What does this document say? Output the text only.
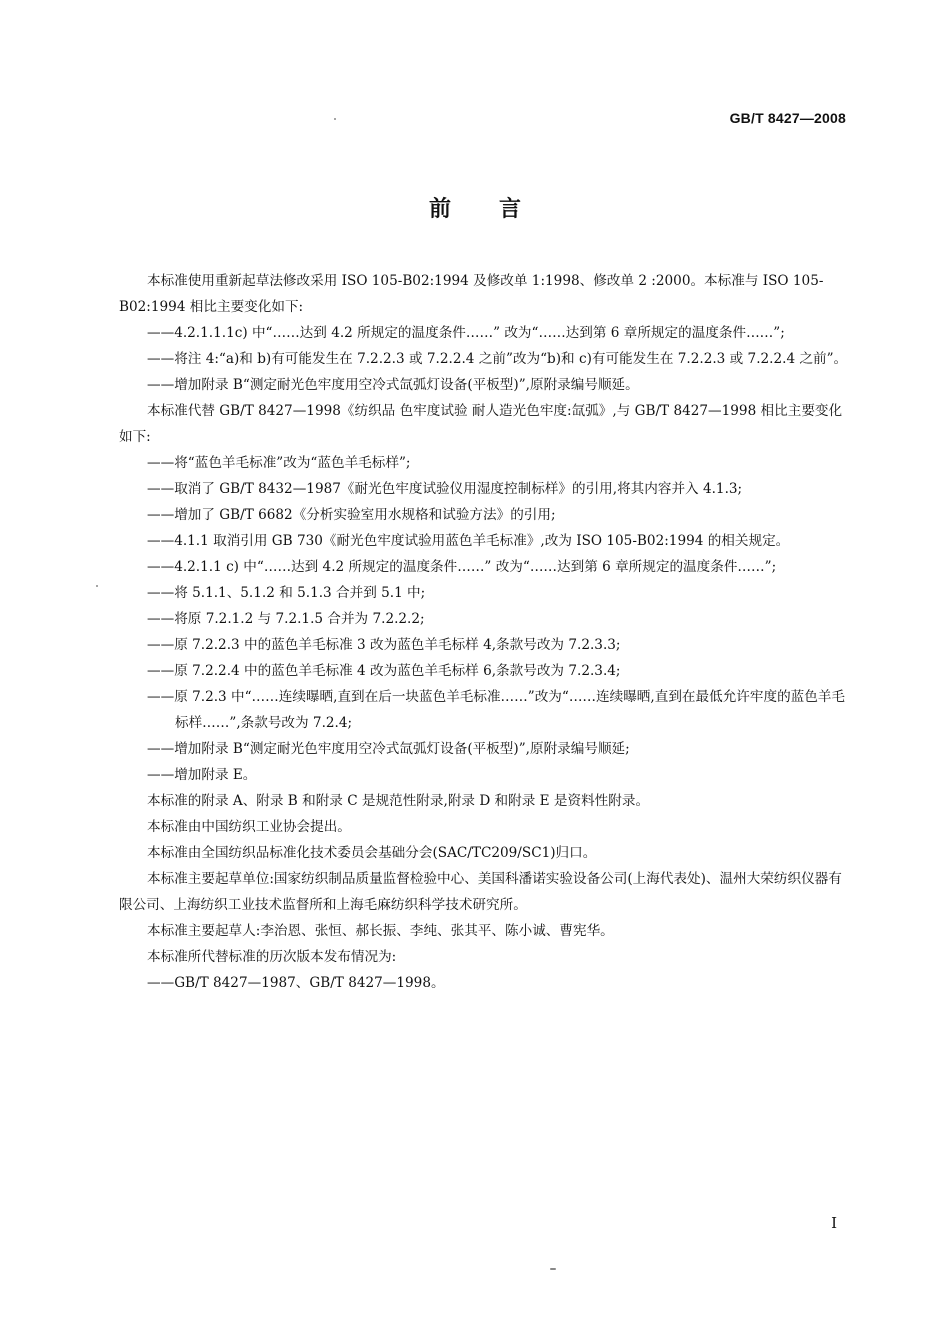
GB/T 8427—2008
前言
本标准使用重新起草法修改采用 ISO 105-B02:1994 及修改单 1:1998、修改单 2 :2000。本标准与 ISO 105-B02:1994 相比主要变化如下:
——4.2.1.1.1c) 中“……达到 4.2 所规定的温度条件……” 改为“……达到第 6 章所规定的温度条件……”;
——将注 4:“a)和 b)有可能发生在 7.2.2.3 或 7.2.2.4 之前”改为“b)和 c)有可能发生在 7.2.2.3 或 7.2.2.4 之前”。
——增加附录 B“测定耐光色牢度用空冷式氙弧灯设备(平板型)”,原附录编号顺延。
本标准代替 GB/T 8427—1998《纺织品 色牢度试验 耐人造光色牢度:氙弧》,与 GB/T 8427—1998 相比主要变化如下:
——将“蓝色羊毛标准”改为“蓝色羊毛标样”;
——取消了 GB/T 8432—1987《耐光色牢度试验仪用湿度控制标样》的引用,将其内容并入 4.1.3;
——增加了 GB/T 6682《分析实验室用水规格和试验方法》的引用;
——4.1.1 取消引用 GB 730《耐光色牢度试验用蓝色羊毛标准》,改为 ISO 105-B02:1994 的相关规定。
——4.2.1.1 c) 中“……达到 4.2 所规定的温度条件……” 改为“……达到第 6 章所规定的温度条件……”;
——将 5.1.1、5.1.2 和 5.1.3 合并到 5.1 中;
——将原 7.2.1.2 与 7.2.1.5 合并为 7.2.2.2;
——原 7.2.2.3 中的蓝色羊毛标准 3 改为蓝色羊毛标样 4,条款号改为 7.2.3.3;
——原 7.2.2.4 中的蓝色羊毛标准 4 改为蓝色羊毛标样 6,条款号改为 7.2.3.4;
——原 7.2.3 中“……连续曝晒,直到在后一块蓝色羊毛标准……”改为“……连续曝晒,直到在最低允许牢度的蓝色羊毛标样……”,条款号改为 7.2.4;
——增加附录 B“测定耐光色牢度用空冷式氙弧灯设备(平板型)”,原附录编号顺延;
——增加附录 E。
本标准的附录 A、附录 B 和附录 C 是规范性附录,附录 D 和附录 E 是资料性附录。
本标准由中国纺织工业协会提出。
本标准由全国纺织品标准化技术委员会基础分会(SAC/TC209/SC1)归口。
本标准主要起草单位:国家纺织制品质量监督检验中心、美国科潘诺实验设备公司(上海代表处)、温州大荣纺织仪器有限公司、上海纺织工业技术监督所和上海毛麻纺织科学技术研究所。
本标准主要起草人:李治恩、张恒、郝长振、李纯、张其平、陈小诚、曹宪华。
本标准所代替标准的历次版本发布情况为:
——GB/T 8427—1987、GB/T 8427—1998。
I
